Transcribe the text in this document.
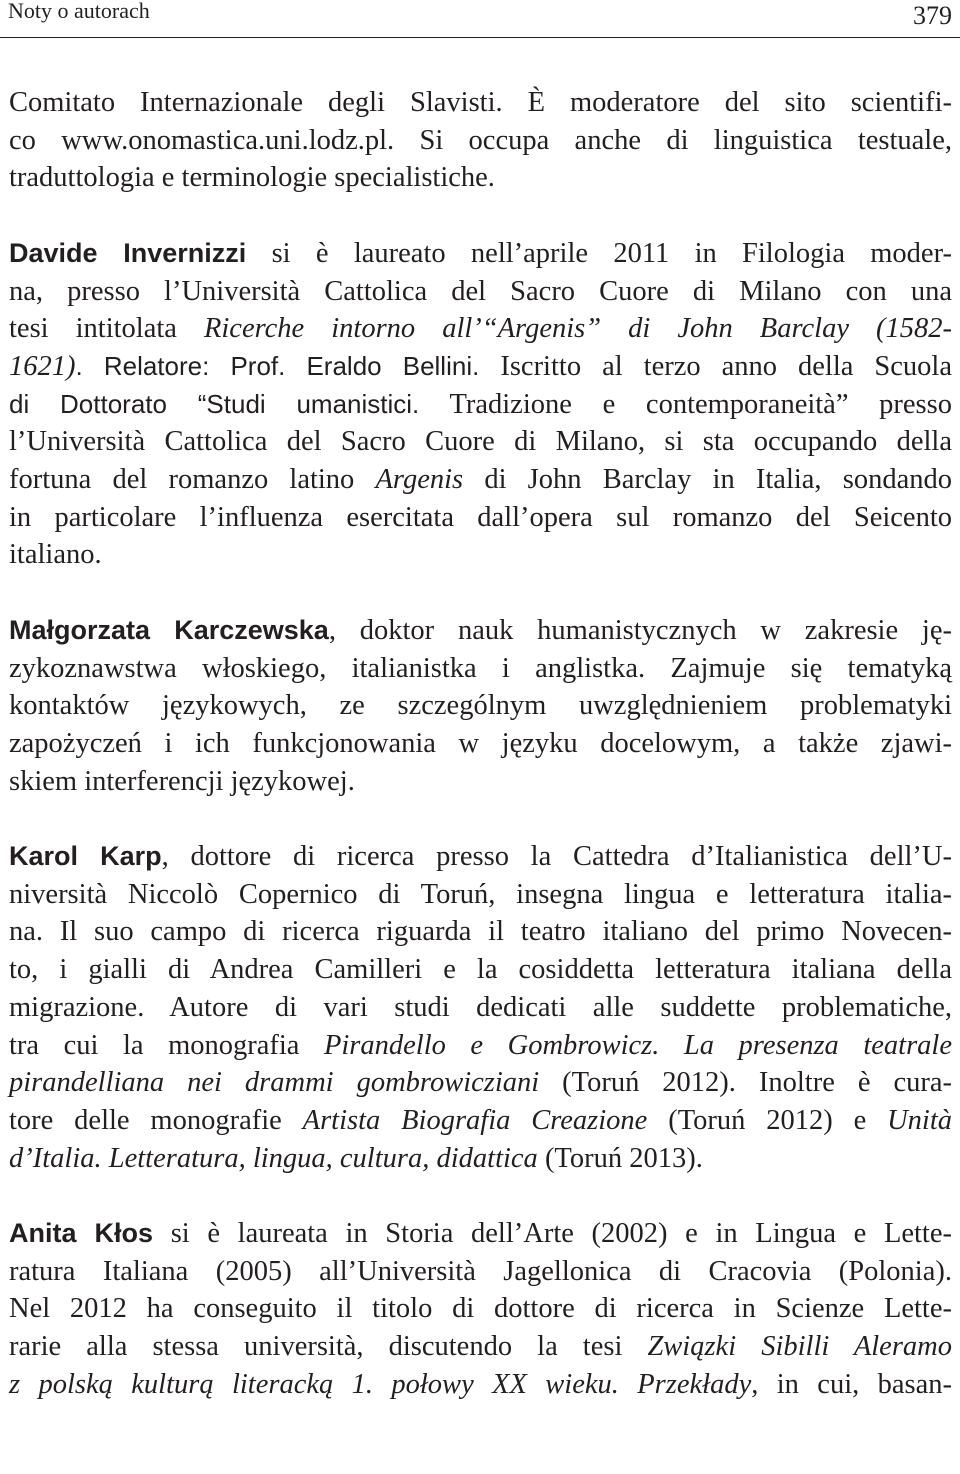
Noty o autorach	379
Comitato Internazionale degli Slavisti. È moderatore del sito scientifi-
co www.onomastica.uni.lodz.pl. Si occupa anche di linguistica testuale,
traduttologia e terminologie specialistiche.
Davide Invernizzi si è laureato nell’aprile 2011 in Filologia moder-
na, presso l’Università Cattolica del Sacro Cuore di Milano con una
tesi intitolata Ricerche intorno all’“Argenis” di John Barclay (1582-
1621). Relatore: Prof. Eraldo Bellini. Iscritto al terzo anno della Scuola
di Dottorato “Studi umanistici. Tradizione e contemporaneità” presso
l’Università Cattolica del Sacro Cuore di Milano, si sta occupando della
fortuna del romanzo latino Argenis di John Barclay in Italia, sondando
in particolare l’influenza esercitata dall’opera sul romanzo del Seicento
italiano.
Małgorzata Karczewska, doktor nauk humanistycznych w zakresie ję-
zykoznawstwa włoskiego, italianistka i anglistka. Zajmuje się tematyką
kontaktów językowych, ze szczególnym uwzględnieniem problematyki
zapożyczeń i ich funkcjonowania w języku docelowym, a także zjawi-
skiem interferencji językowej.
Karol Karp, dottore di ricerca presso la Cattedra d’Italianistica dell’U-
niversità Niccolò Copernico di Toruń, insegna lingua e letteratura italia-
na. Il suo campo di ricerca riguarda il teatro italiano del primo Novecen-
to, i gialli di Andrea Camilleri e la cosiddetta letteratura italiana della
migrazione. Autore di vari studi dedicati alle suddette problematiche,
tra cui la monografia Pirandello e Gombrowicz. La presenza teatrale
pirandelliana nei drammi gombrowicziani (Toruń 2012). Inoltre è cura-
tore delle monografie Artista Biografia Creazione (Toruń 2012) e Unità
d’Italia. Letteratura, lingua, cultura, didattica (Toruń 2013).
Anita Kłos si è laureata in Storia dell’Arte (2002) e in Lingua e Lette-
ratura Italiana (2005) all’Università Jagellonica di Cracovia (Polonia).
Nel 2012 ha conseguito il titolo di dottore di ricerca in Scienze Lette-
rarie alla stessa università, discutendo la tesi Związki Sibilli Aleramo
z polską kulturą literacką 1. połowy XX wieku. Przekłady, in cui, basan-
